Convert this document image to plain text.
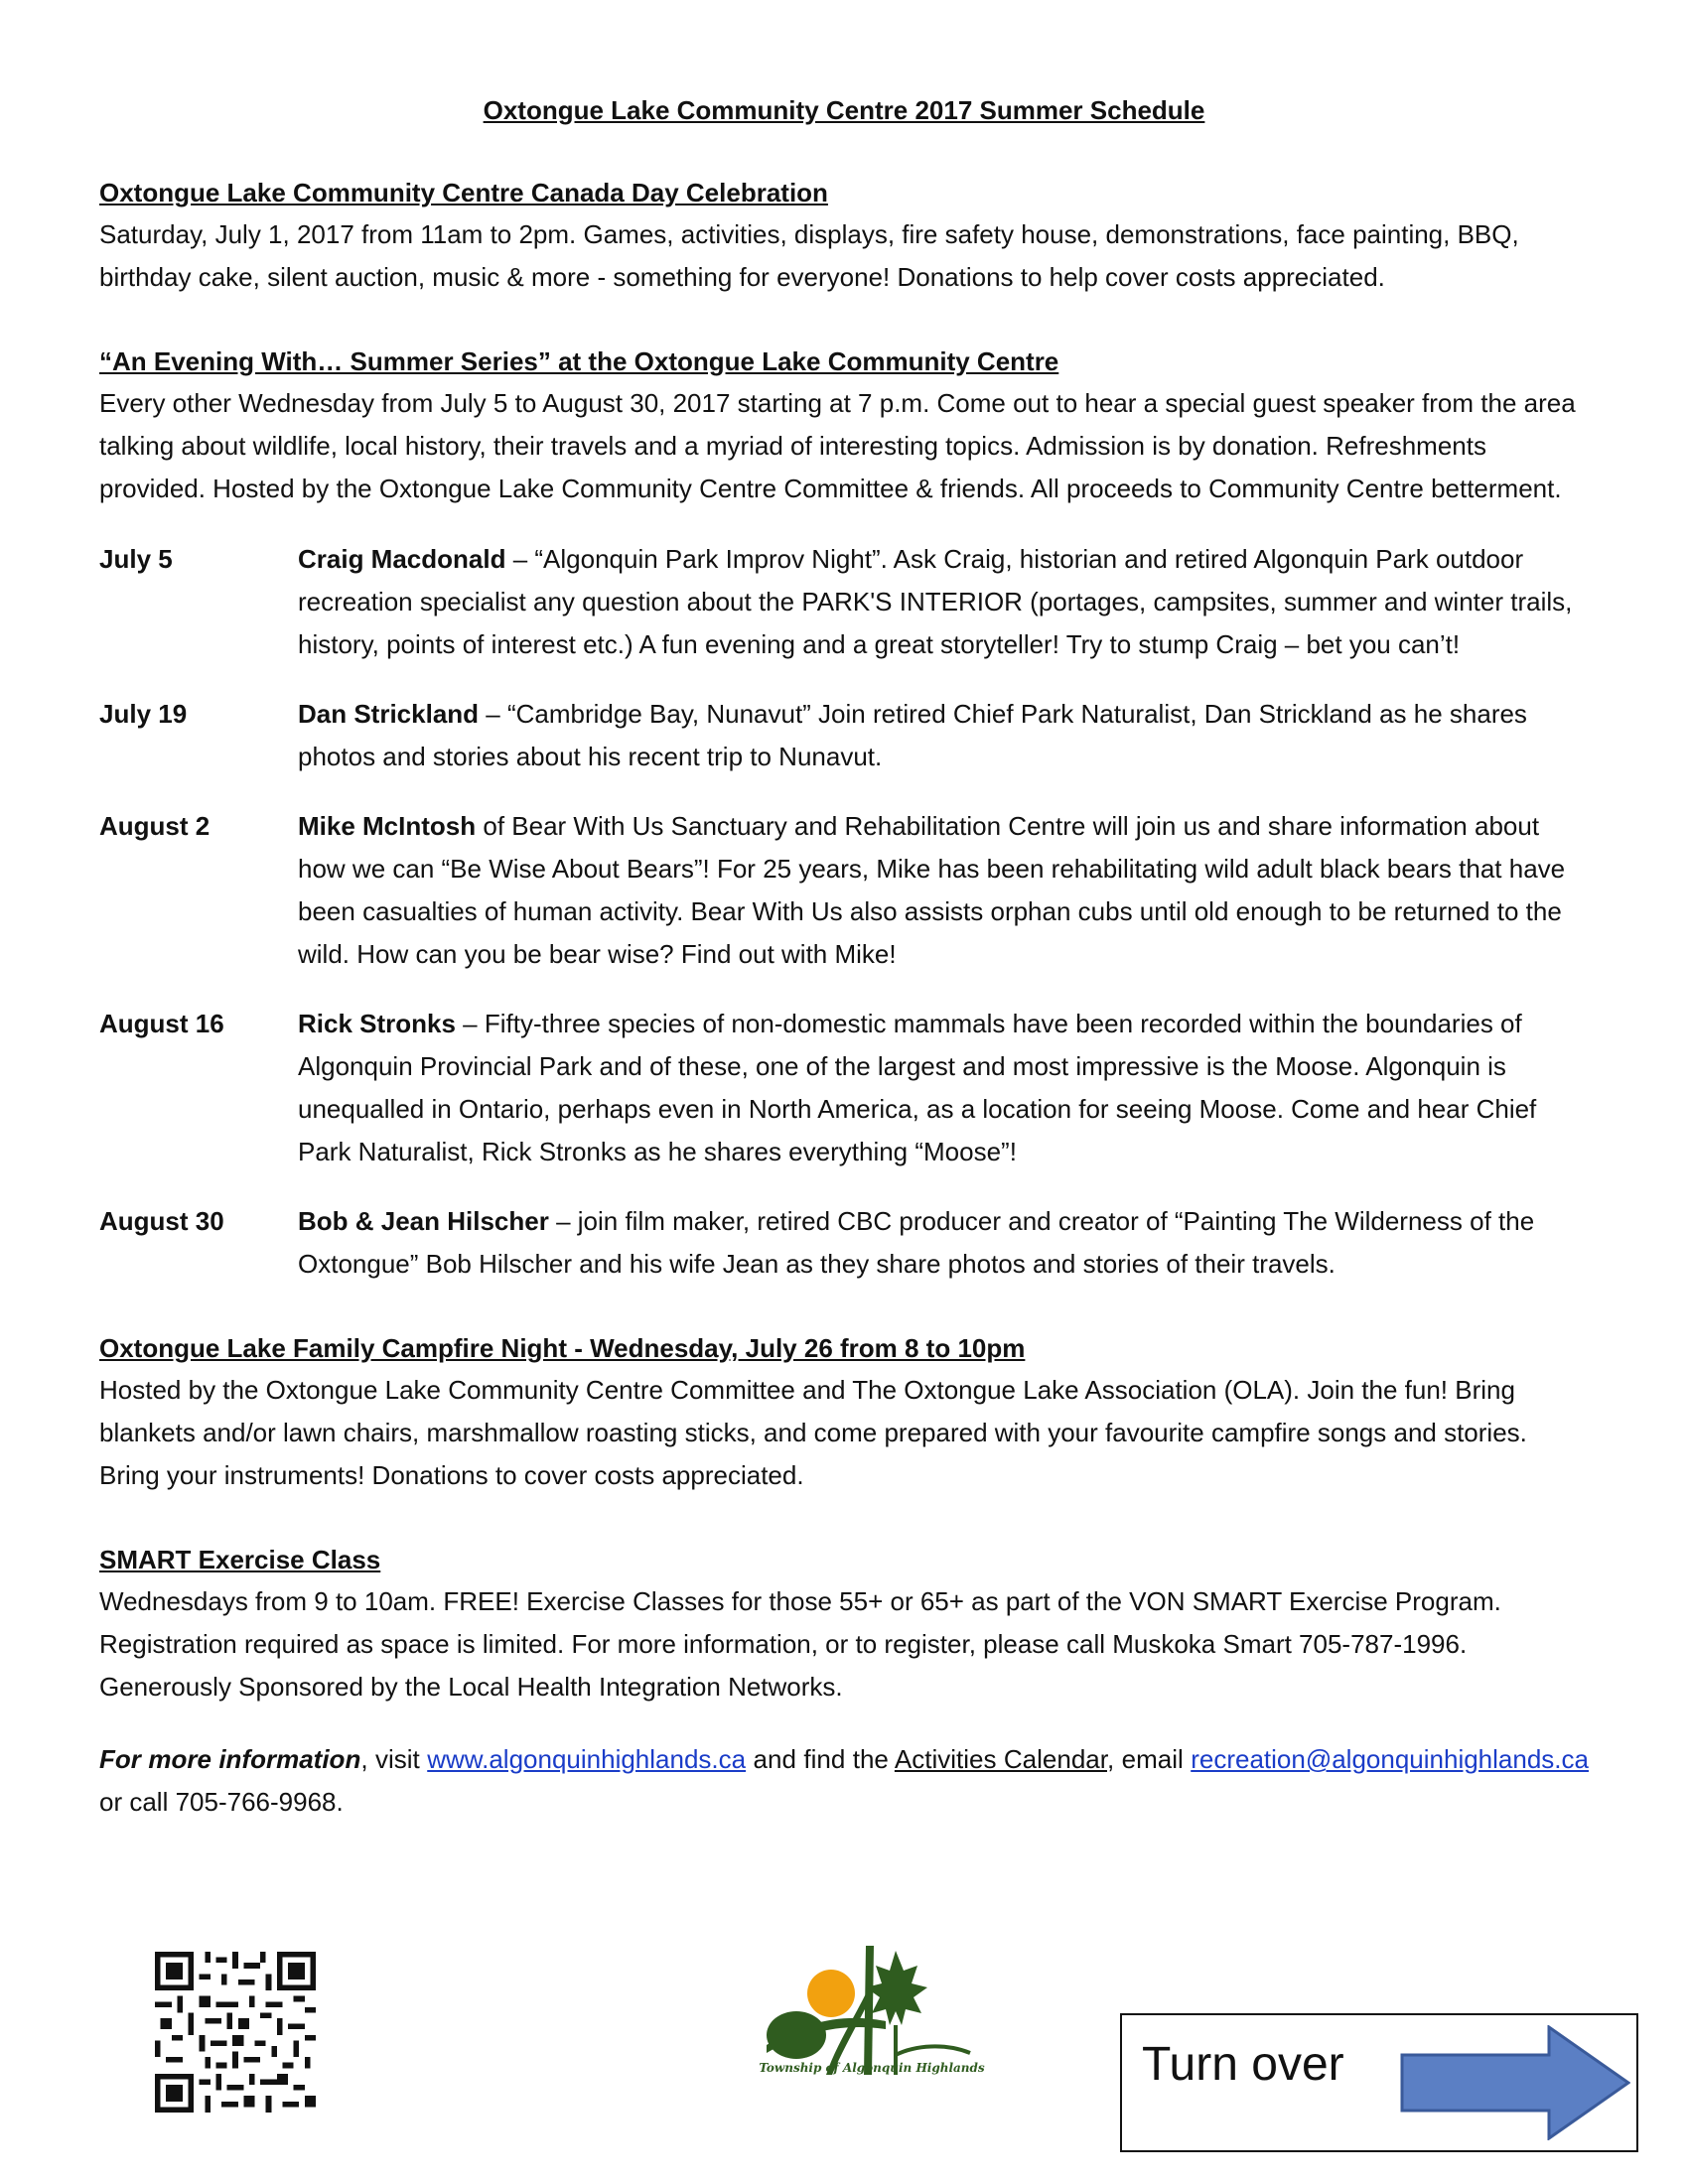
Oxtongue Lake Community Centre 2017 Summer Schedule
Oxtongue Lake Community Centre Canada Day Celebration
Saturday, July 1, 2017 from 11am to 2pm. Games, activities, displays, fire safety house, demonstrations, face painting, BBQ, birthday cake, silent auction, music & more - something for everyone! Donations to help cover costs appreciated.
“An Evening With… Summer Series” at the Oxtongue Lake Community Centre
Every other Wednesday from July 5 to August 30, 2017 starting at 7 p.m. Come out to hear a special guest speaker from the area talking about wildlife, local history, their travels and a myriad of interesting topics. Admission is by donation. Refreshments provided. Hosted by the Oxtongue Lake Community Centre Committee & friends. All proceeds to Community Centre betterment.
July 5	Craig Macdonald – “Algonquin Park Improv Night”. Ask Craig, historian and retired Algonquin Park outdoor recreation specialist any question about the PARK'S INTERIOR (portages, campsites, summer and winter trails, history, points of interest etc.) A fun evening and a great storyteller! Try to stump Craig – bet you can’t!
July 19	Dan Strickland – “Cambridge Bay, Nunavut” Join retired Chief Park Naturalist, Dan Strickland as he shares photos and stories about his recent trip to Nunavut.
August 2	Mike McIntosh of Bear With Us Sanctuary and Rehabilitation Centre will join us and share information about how we can “Be Wise About Bears”! For 25 years, Mike has been rehabilitating wild adult black bears that have been casualties of human activity. Bear With Us also assists orphan cubs until old enough to be returned to the wild. How can you be bear wise? Find out with Mike!
August 16	Rick Stronks – Fifty-three species of non-domestic mammals have been recorded within the boundaries of Algonquin Provincial Park and of these, one of the largest and most impressive is the Moose. Algonquin is unequalled in Ontario, perhaps even in North America, as a location for seeing Moose. Come and hear Chief Park Naturalist, Rick Stronks as he shares everything “Moose”!
August 30	Bob & Jean Hilscher – join film maker, retired CBC producer and creator of “Painting The Wilderness of the Oxtongue” Bob Hilscher and his wife Jean as they share photos and stories of their travels.
Oxtongue Lake Family Campfire Night - Wednesday, July 26 from 8 to 10pm
Hosted by the Oxtongue Lake Community Centre Committee and The Oxtongue Lake Association (OLA). Join the fun! Bring blankets and/or lawn chairs, marshmallow roasting sticks, and come prepared with your favourite campfire songs and stories. Bring your instruments! Donations to cover costs appreciated.
SMART Exercise Class
Wednesdays from 9 to 10am. FREE! Exercise Classes for those 55+ or 65+ as part of the VON SMART Exercise Program. Registration required as space is limited. For more information, or to register, please call Muskoka Smart 705-787-1996. Generously Sponsored by the Local Health Integration Networks.
For more information, visit www.algonquinhighlands.ca and find the Activities Calendar, email recreation@algonquinhighlands.ca or call 705-766-9968.
Township of Algonquin Highlands	Turn over
